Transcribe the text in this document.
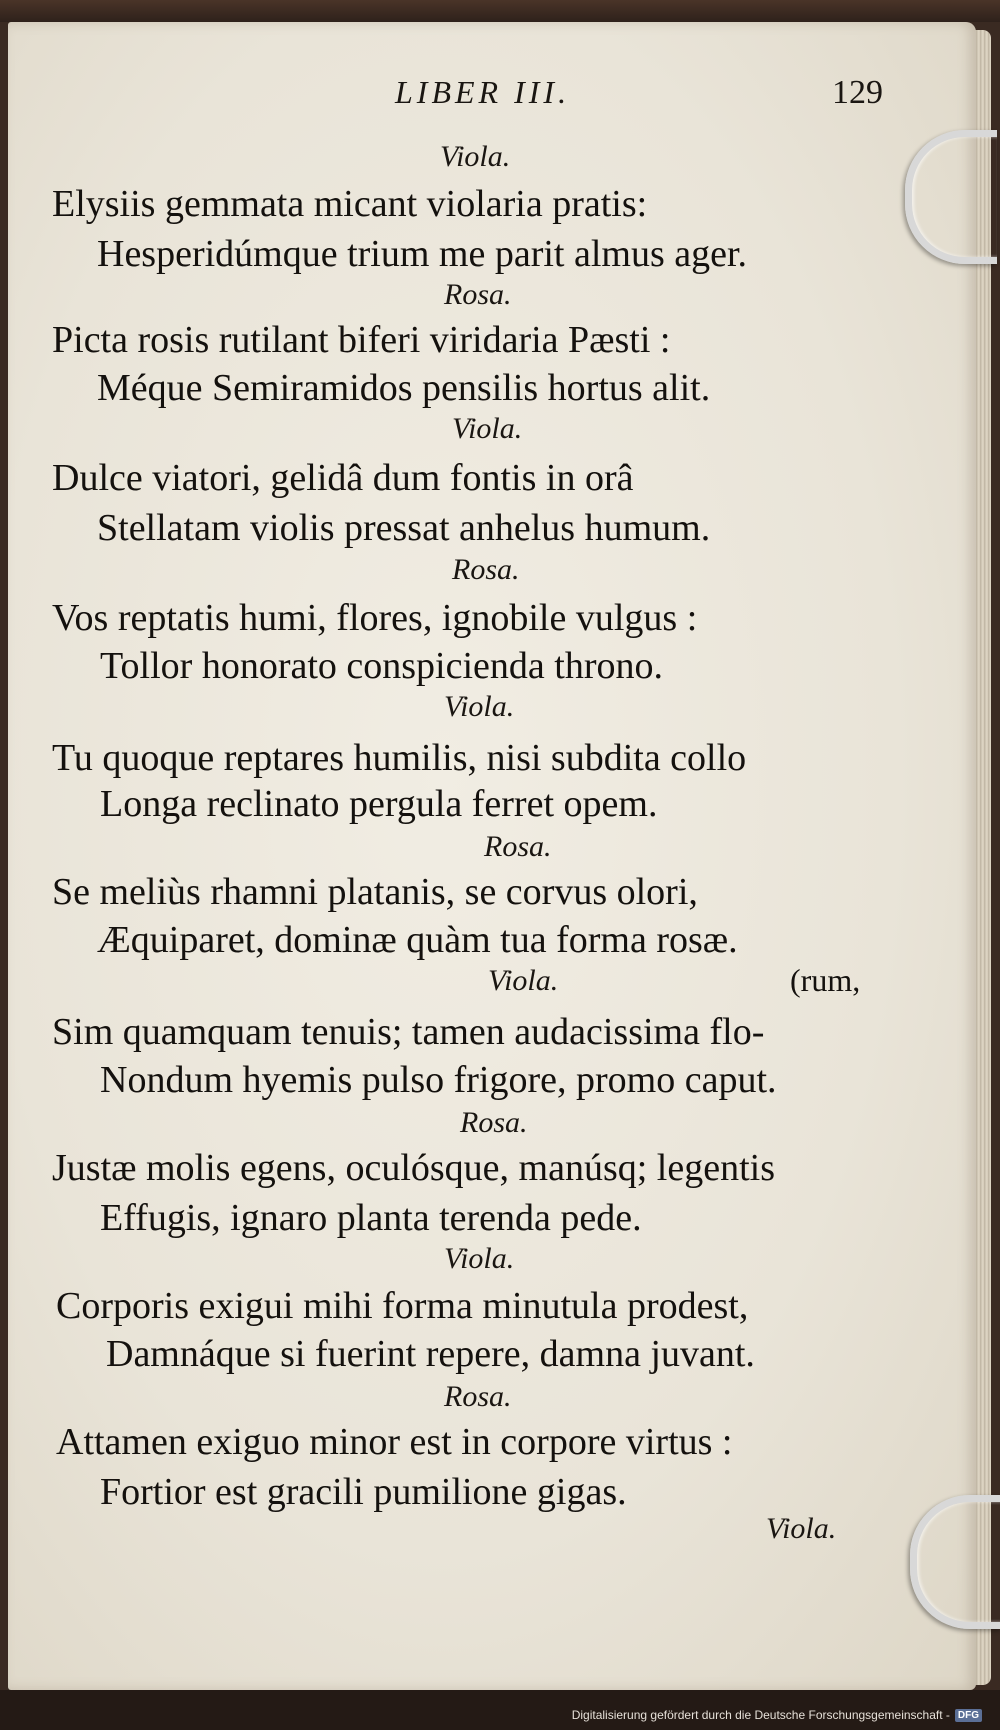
LIBER III.	129
Viola.
Elysiis gemmata micant violaria pratis:
Hesperidúmque trium me parit almus ager.
Rosa.
Picta rosis rutilant biferi viridaria Pæsti :
Méque Semiramidos pensilis hortus alit.
Viola.
Dulce viatori, gelidâ dum fontis in orâ
Stellatam violis pressat anhelus humum.
Rosa.
Vos reptatis humi, flores, ignobile vulgus :
Tollor honorato conspicienda throno.
Viola.
Tu quoque reptares humilis, nisi subdita collo
Longa reclinato pergula ferret opem.
Rosa.
Se meliùs rhamni platanis, se corvus olori,
Æquiparet, dominæ quàm tua forma rosæ.
Viola.	(rum,
Sim quamquam tenuis; tamen audacissima flo-
Nondum hyemis pulso frigore, promo caput.
Rosa.
Justæ molis egens, oculósque, manúsq; legentis
Effugis, ignaro planta terenda pede.
Viola.
Corporis exigui mihi forma minutula prodest,
Damnáque si fuerint repere, damna juvant.
Rosa.
Attamen exiguo minor est in corpore virtus :
Fortior est gracili pumilione gigas.
Viola.
Digitalisierung gefördert durch die Deutsche Forschungsgemeinschaft - DFG
